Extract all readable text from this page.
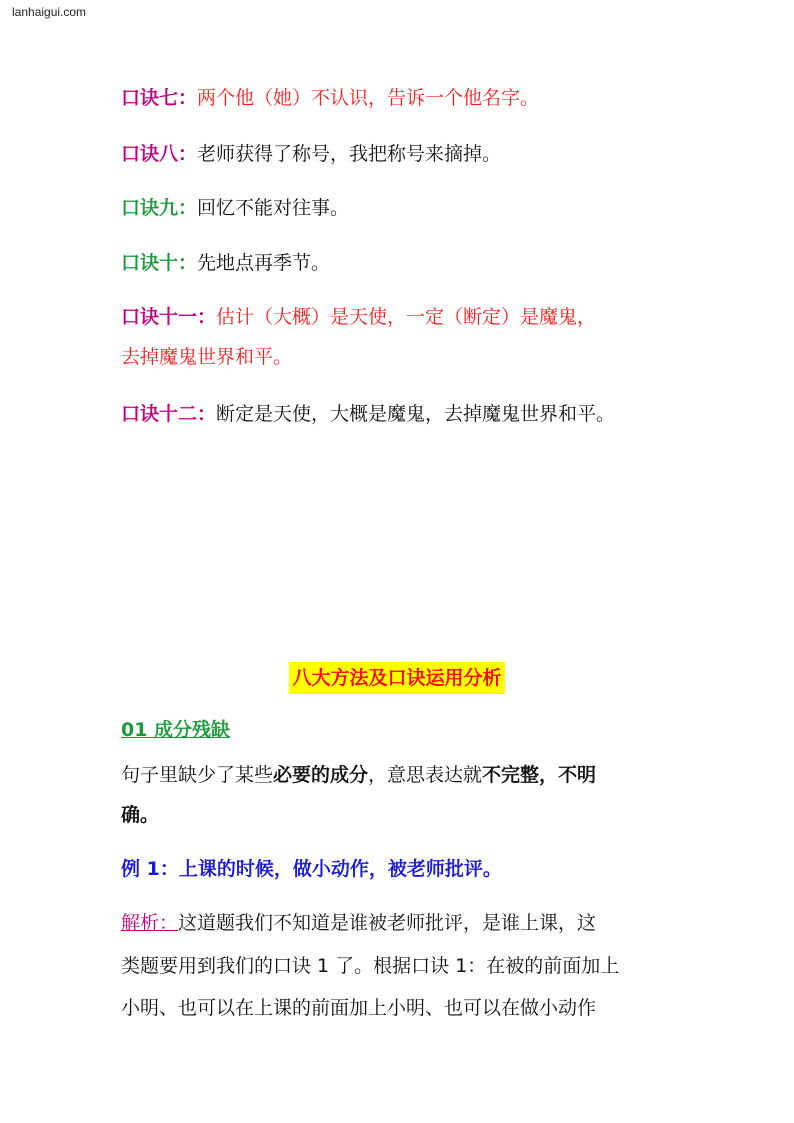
lanhaigui.com
口诀七：两个他（她）不认识，告诉一个他名字。
口诀八：老师获得了称号，我把称号来摘掉。
口诀九：回忆不能对往事。
口诀十：先地点再季节。
口诀十一：估计（大概）是天使，一定（断定）是魔鬼，
去掉魔鬼世界和平。
口诀十二：断定是天使，大概是魔鬼，去掉魔鬼世界和平。
八大方法及口诀运用分析
01 成分残缺
句子里缺少了某些必要的成分，意思表达就不完整，不明
确。
例 1：上课的时候，做小动作，被老师批评。
解析：这道题我们不知道是谁被老师批评，是谁上课，这
类题要用到我们的口诀 1 了。根据口诀 1：在被的前面加上
小明、也可以在上课的前面加上小明、也可以在做小动作
